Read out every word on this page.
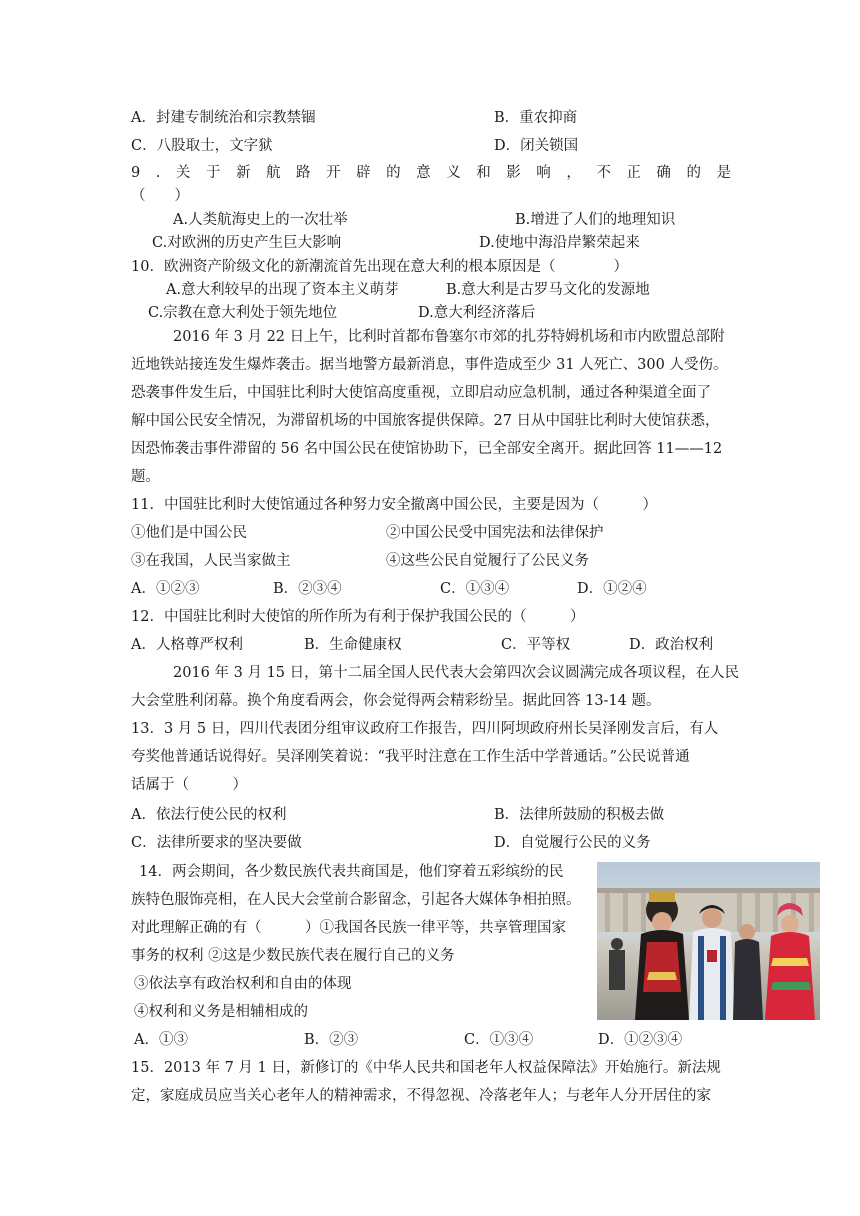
A．封建专制统治和宗教禁锢	B．重农抑商
C．八股取士，文字狱	D．闭关锁国
9 . 关 于 新 航 路 开 辟 的 意 义 和 影 响 ， 不 正 确 的 是
（　　）
A.人类航海史上的一次壮举	B.增进了人们的地理知识
C.对欧洲的历史产生巨大影响	D.使地中海沿岸繁荣起来
10．欧洲资产阶级文化的新潮流首先出现在意大利的根本原因是（　　　　）
A.意大利较早的出现了资本主义萌芽	B.意大利是古罗马文化的发源地
C.宗教在意大利处于领先地位	D.意大利经济落后
2016 年 3 月 22 日上午，比利时首都布鲁塞尔市郊的扎芬特姆机场和市内欧盟总部附
近地铁站接连发生爆炸袭击。据当地警方最新消息，事件造成至少 31 人死亡、300 人受伤。
恐袭事件发生后，中国驻比利时大使馆高度重视，立即启动应急机制，通过各种渠道全面了
解中国公民安全情况，为滞留机场的中国旅客提供保障。27 日从中国驻比利时大使馆获悉，
因恐怖袭击事件滞留的 56 名中国公民在使馆协助下，已全部安全离开。据此回答 11——12
题。
11．中国驻比利时大使馆通过各种努力安全撤离中国公民，主要是因为（　　　）
①他们是中国公民	②中国公民受中国宪法和法律保护
③在我国，人民当家做主	④这些公民自觉履行了公民义务
A．①②③	B．②③④	C．①③④	D．①②④
12．中国驻比利时大使馆的所作所为有利于保护我国公民的（　　　）
A．人格尊严权利	B．生命健康权	C．平等权	D．政治权利
2016 年 3 月 15 日，第十二届全国人民代表大会第四次会议圆满完成各项议程，在人民
大会堂胜利闭幕。换个角度看两会，你会觉得两会精彩纷呈。据此回答 13-14 题。
13．3 月 5 日，四川代表团分组审议政府工作报告，四川阿坝政府州长吴泽刚发言后，有人
夸奖他普通话说得好。吴泽刚笑着说：“我平时注意在工作生活中学普通话。”公民说普通
话属于（　　　）
A．依法行使公民的权利	B．法律所鼓励的积极去做
C．法律所要求的坚决要做	D．自觉履行公民的义务
14．两会期间，各少数民族代表共商国是，他们穿着五彩缤纷的民
族特色服饰亮相，在人民大会堂前合影留念，引起各大媒体争相拍照。
对此理解正确的有（　　　）①我国各民族一律平等，共享管理国家
事务的权利 ②这是少数民族代表在履行自己的义务
③依法享有政治权利和自由的体现
④权利和义务是相辅相成的
A．①③	B．②③	C．①③④	D．①②③④
15．2013 年 7 月 1 日，新修订的《中华人民共和国老年人权益保障法》开始施行。新法规
定，家庭成员应当关心老年人的精神需求，不得忽视、冷落老年人；与老年人分开居住的家
